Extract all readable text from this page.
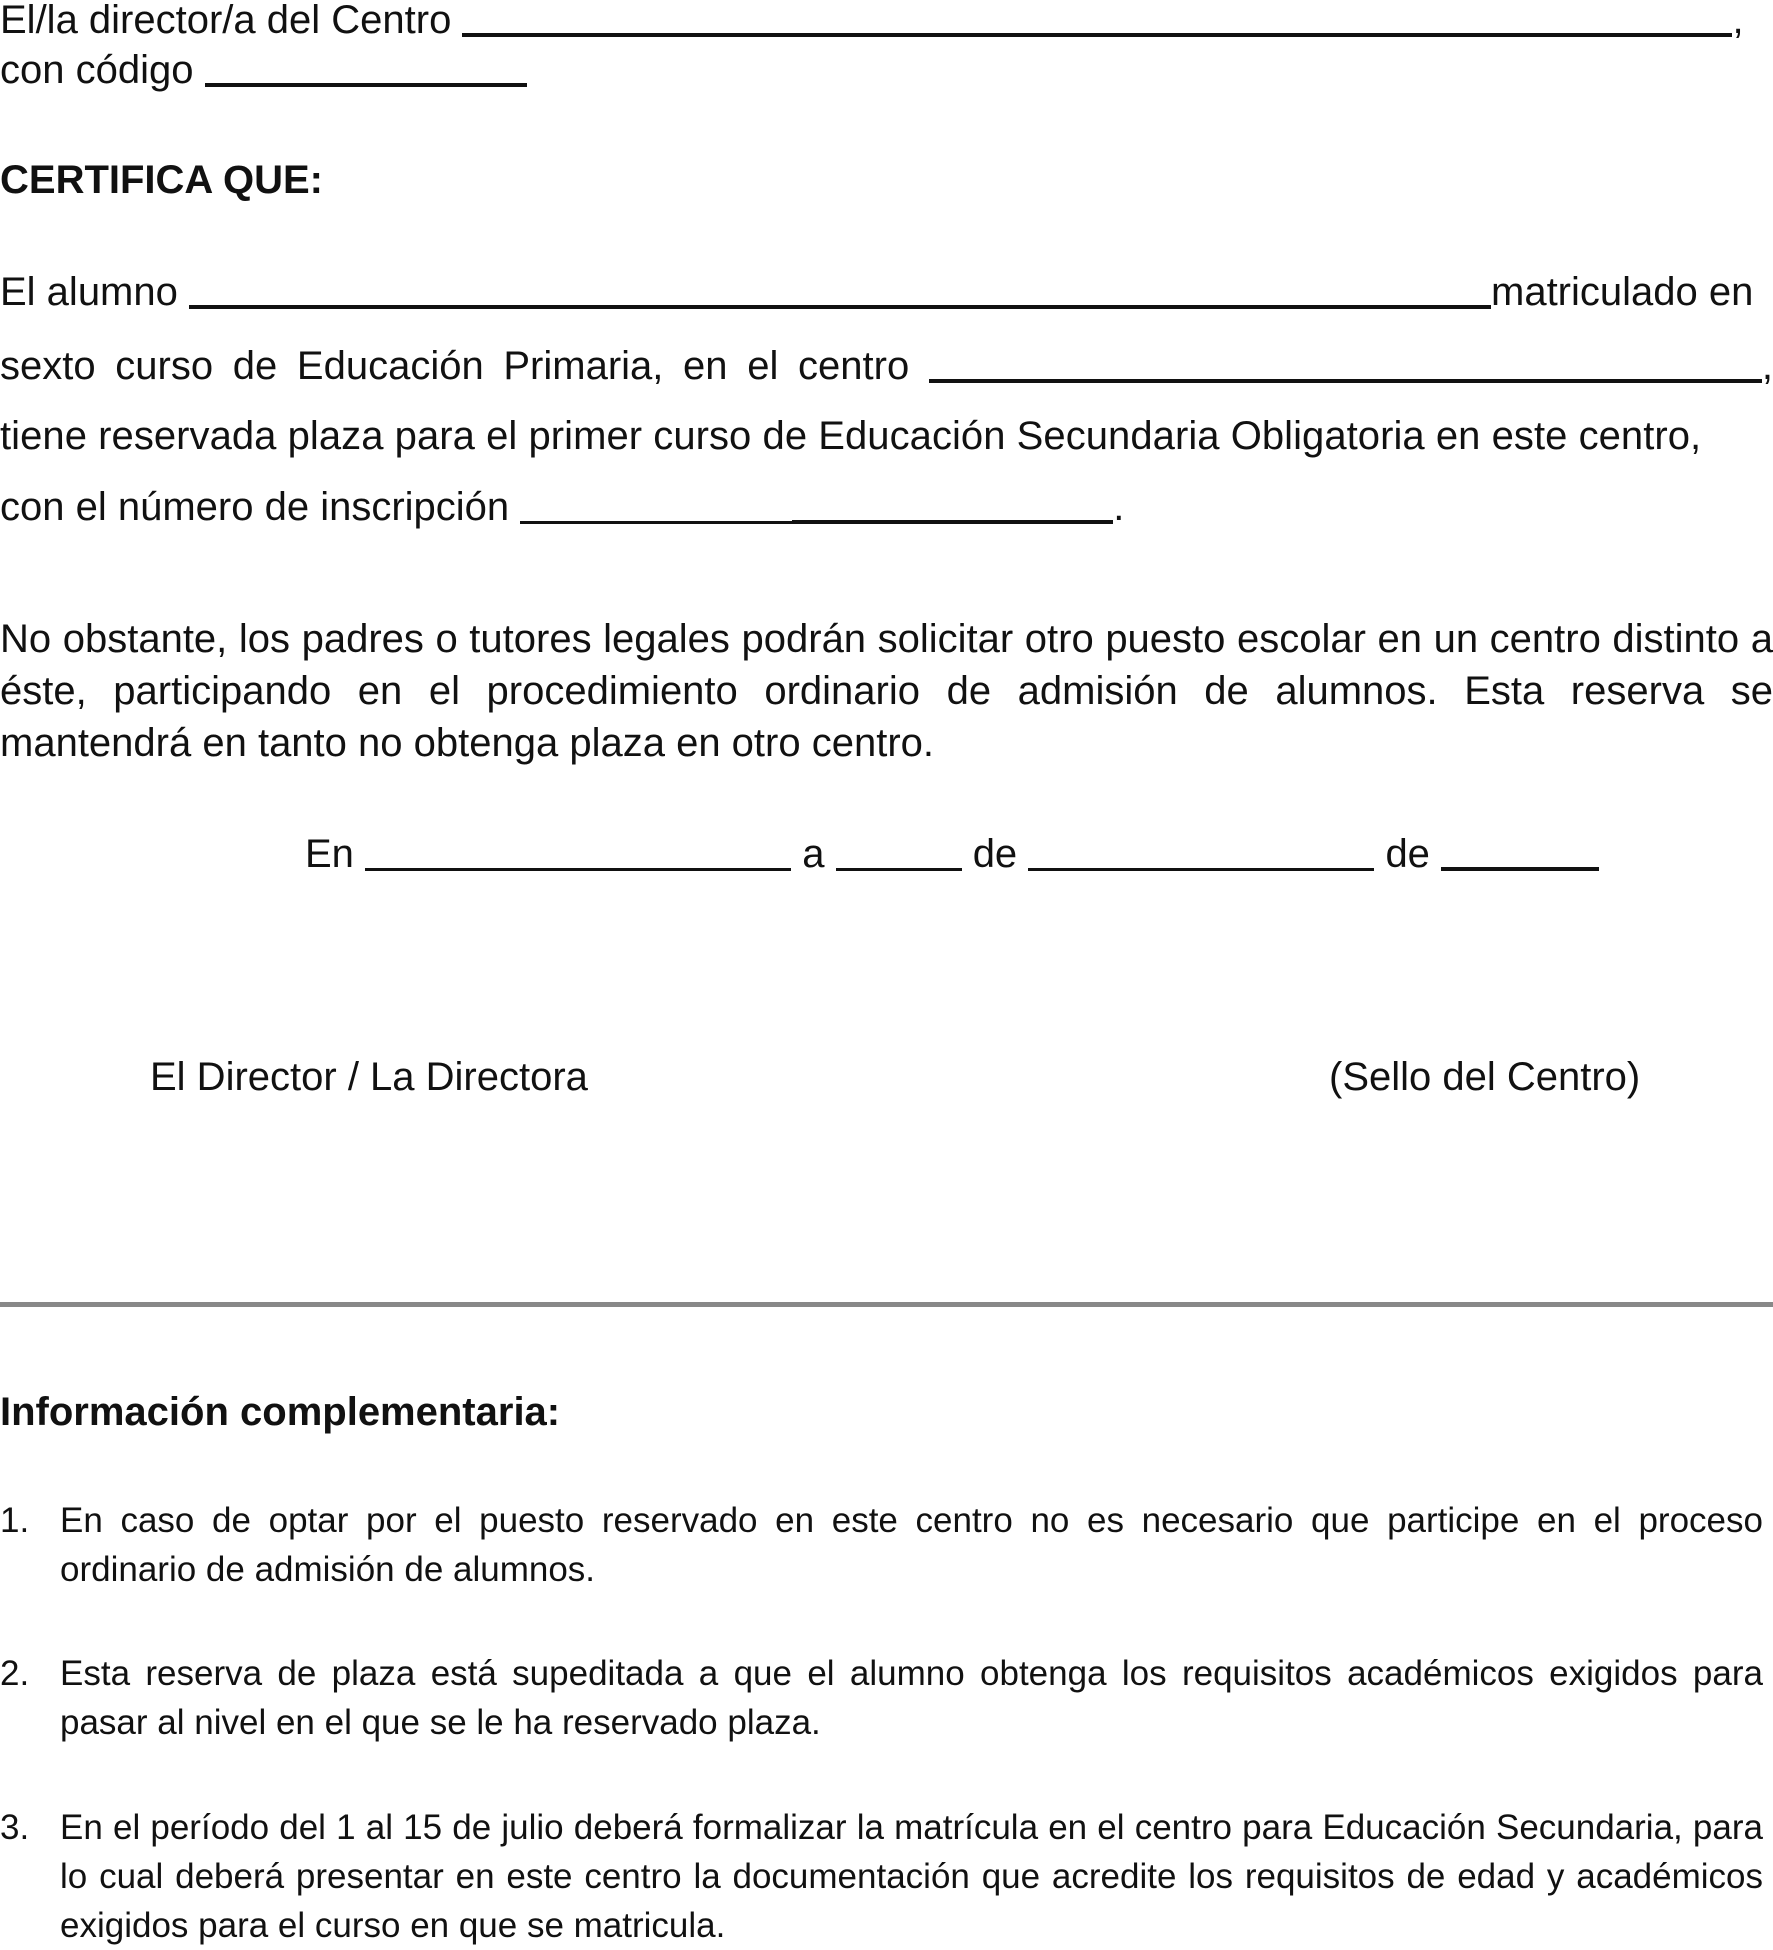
El/la director/a del Centro	,
con código
CERTIFICA QUE:
El alumno	matriculado en
sexto curso de Educación Primaria, en el centro	,
tiene reservada plaza para el primer curso de Educación Secundaria Obligatoria en este centro,
con el número de inscripción	.
No obstante, los padres o tutores legales podrán solicitar otro puesto escolar en un centro distinto a éste, participando en el procedimiento ordinario de admisión de alumnos. Esta reserva se mantendrá en tanto no obtenga plaza en otro centro.
En	a	de	de
El Director / La Directora	(Sello del Centro)
Información complementaria:
1. En caso de optar por el puesto reservado en este centro no es necesario que participe en el proceso ordinario de admisión de alumnos.
2. Esta reserva de plaza está supeditada a que el alumno obtenga los requisitos académicos exigidos para pasar al nivel en el que se le ha reservado plaza.
3. En el período del 1 al 15 de julio deberá formalizar la matrícula en el centro para Educación Secundaria, para lo cual deberá presentar en este centro la documentación que acredite los requisitos de edad y académicos exigidos para el curso en que se matricula.
